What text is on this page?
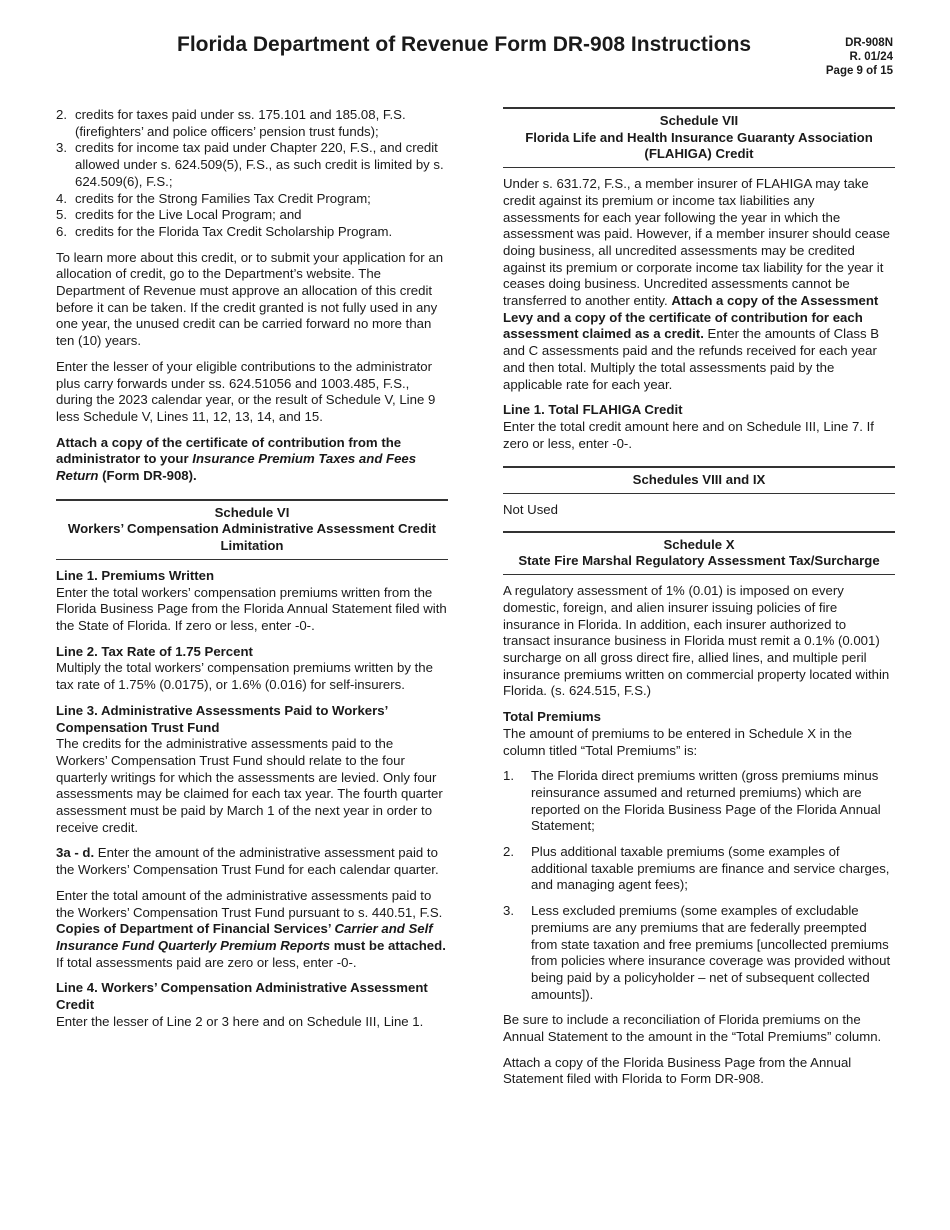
Florida Department of Revenue Form DR-908 Instructions	DR-908N
R. 01/24
Page 9 of 15
2. credits for taxes paid under ss. 175.101 and 185.08, F.S. (firefighters’ and police officers’ pension trust funds);
3. credits for income tax paid under Chapter 220, F.S., and credit allowed under s. 624.509(5), F.S., as such credit is limited by s. 624.509(6), F.S.;
4. credits for the Strong Families Tax Credit Program;
5. credits for the Live Local Program; and
6. credits for the Florida Tax Credit Scholarship Program.

To learn more about this credit, or to submit your application for an allocation of credit, go to the Department’s website. The Department of Revenue must approve an allocation of this credit before it can be taken. If the credit granted is not fully used in any one year, the unused credit can be carried forward no more than ten (10) years.

Enter the lesser of your eligible contributions to the administrator plus carry forwards under ss. 624.51056 and 1003.485, F.S., during the 2023 calendar year, or the result of Schedule V, Line 9 less Schedule V, Lines 11, 12, 13, 14, and 15.

Attach a copy of the certificate of contribution from the administrator to your Insurance Premium Taxes and Fees Return (Form DR-908).

Schedule VI
Workers’ Compensation Administrative Assessment Credit Limitation

Line 1. Premiums Written
Enter the total workers’ compensation premiums written from the Florida Business Page from the Florida Annual Statement filed with the State of Florida. If zero or less, enter -0-.

Line 2. Tax Rate of 1.75 Percent
Multiply the total workers’ compensation premiums written by the tax rate of 1.75% (0.0175), or 1.6% (0.016) for self-insurers.

Line 3. Administrative Assessments Paid to Workers’ Compensation Trust Fund
The credits for the administrative assessments paid to the Workers’ Compensation Trust Fund should relate to the four quarterly writings for which the assessments are levied. Only four assessments may be claimed for each tax year. The fourth quarter assessment must be paid by March 1 of the next year in order to receive credit.

3a - d. Enter the amount of the administrative assessment paid to the Workers’ Compensation Trust Fund for each calendar quarter.

Enter the total amount of the administrative assessments paid to the Workers’ Compensation Trust Fund pursuant to s. 440.51, F.S. Copies of Department of Financial Services’ Carrier and Self Insurance Fund Quarterly Premium Reports must be attached. If total assessments paid are zero or less, enter -0-.

Line 4. Workers’ Compensation Administrative Assessment Credit
Enter the lesser of Line 2 or 3 here and on Schedule III, Line 1.

Schedule VII
Florida Life and Health Insurance Guaranty Association (FLAHIGA) Credit

Under s. 631.72, F.S., a member insurer of FLAHIGA may take credit against its premium or income tax liabilities any assessments for each year following the year in which the assessment was paid. However, if a member insurer should cease doing business, all uncredited assessments may be credited against its premium or corporate income tax liability for the year it ceases doing business. Uncredited assessments cannot be transferred to another entity. Attach a copy of the Assessment Levy and a copy of the certificate of contribution for each assessment claimed as a credit. Enter the amounts of Class B and C assessments paid and the refunds received for each year and then total. Multiply the total assessments paid by the applicable rate for each year.

Line 1. Total FLAHIGA Credit
Enter the total credit amount here and on Schedule III, Line 7. If zero or less, enter -0-.

Schedules VIII and IX

Not Used

Schedule X
State Fire Marshal Regulatory Assessment Tax/Surcharge

A regulatory assessment of 1% (0.01) is imposed on every domestic, foreign, and alien insurer issuing policies of fire insurance in Florida. In addition, each insurer authorized to transact insurance business in Florida must remit a 0.1% (0.001) surcharge on all gross direct fire, allied lines, and multiple peril insurance premiums written on commercial property located within Florida. (s. 624.515, F.S.)

Total Premiums
The amount of premiums to be entered in Schedule X in the column titled “Total Premiums” is:

1.	The Florida direct premiums written (gross premiums minus reinsurance assumed and returned premiums) which are reported on the Florida Business Page of the Florida Annual Statement;
2.	Plus additional taxable premiums (some examples of additional taxable premiums are finance and service charges, and managing agent fees);
3.	Less excluded premiums (some examples of excludable premiums are any premiums that are federally preempted from state taxation and free premiums [uncollected premiums from policies where insurance coverage was provided without being paid by a policyholder – net of subsequent collected amounts]).

Be sure to include a reconciliation of Florida premiums on the Annual Statement to the amount in the “Total Premiums” column.

Attach a copy of the Florida Business Page from the Annual Statement filed with Florida to Form DR-908.
